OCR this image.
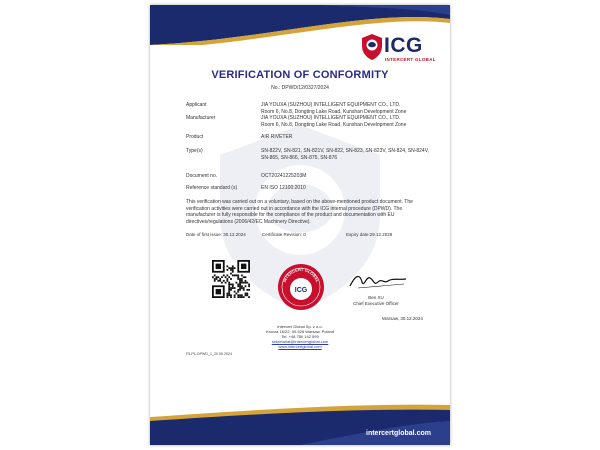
ICG
INTERCERT GLOBAL
VERIFICATION OF CONFORMITY
No.: DPWD/12/0327/2024
Applicant	JIA YOUXA (SUZHOU) INTELLIGENT EQUIPMENT CO., LTD.
Room 6, No.8, Dongting Lake Road, Kunshan Development Zone
Manufacturer	JIA YOUXA (SUZHOU) INTELLIGENT EQUIPMENT CO., LTD.
Room 6, No.8, Dongting Lake Road, Kunshan Development Zone
Product	AIR RIVETER
Type(s)	SN-822V, SN-821, SN-821V, SN-822, SN-823, SN-823V, SN-824, SN-824V, SN-865, SN-866, SN-875, SN-876
Document no.	OCT20241225203M
Reference standard (s)	EN ISO 12100:2010
This verification was carried out on a voluntary, based on the above-mentioned product document. The verification activities were carried out in accordance with the ICG internal procedure (DPWD). The manufacturer is fully responsible for the compliance of the product and documentation with EU directives/regulations (2006/42/EC Machinery Directive).
Date of first issue: 30.12.2024	Certificate Revision: 0	Expiry date:29.12.2029
INTERCERT GLOBAL
ICG
Ben XU
Chief Executive Officer
Warsaw, 30.12.2024
Intercert Global Sp. z o.o.
Krucza 16/22, 00-526 Warsaw, Poland
Tel. +48 780 142 599
sekretariat@intercertglobal.com
www.intercertglobal.com
F5-P1-DPWD_1_20.05.2024
intercertglobal.com
